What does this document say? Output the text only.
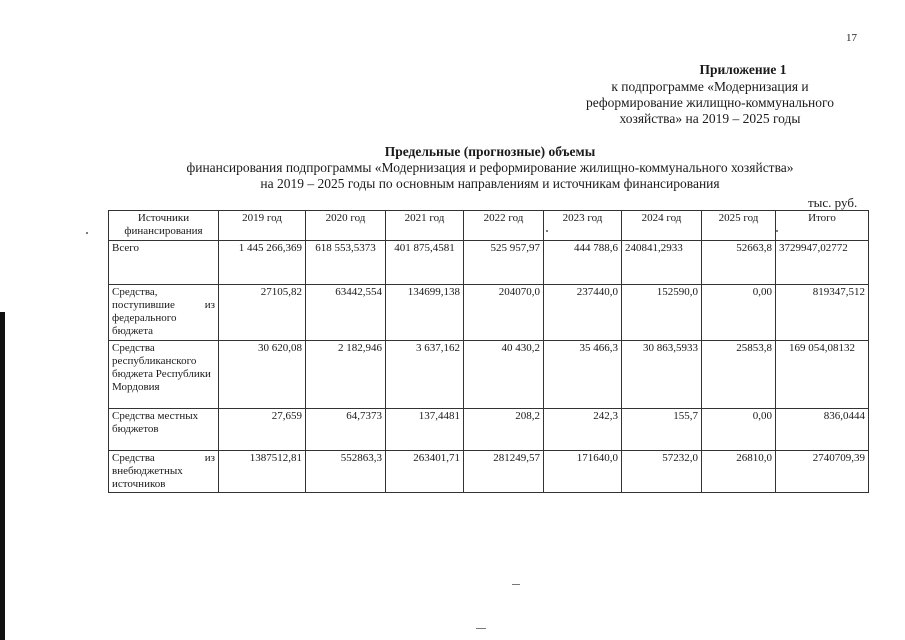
17
Приложение 1
к подпрограмме «Модернизация и
реформирование жилищно-коммунального
хозяйства» на 2019 – 2025 годы
Предельные (прогнозные) объемы
финансирования подпрограммы «Модернизация и реформирование жилищно-коммунального хозяйства»
на 2019 – 2025 годы по основным направлениям и источникам финансирования
тыс. руб.
Источники финансирования	2019 год	2020 год	2021 год	2022 год	2023 год	2024 год	2025 год	Итого
Всего	1 445 266,369	618 553,5373	401 875,4581	525 957,97	444 788,6	240841,2933	52663,8	3729947,02772
Средства, поступившие из федерального бюджета	27105,82	63442,554	134699,138	204070,0	237440,0	152590,0	0,00	819347,512
Средства республиканского бюджета Республики Мордовия	30 620,08	2 182,946	3 637,162	40 430,2	35 466,3	30 863,5933	25853,8	169 054,08132
Средства местных бюджетов	27,659	64,7373	137,4481	208,2	242,3	155,7	0,00	836,0444
Средства из внебюджетных источников	1387512,81	552863,3	263401,71	281249,57	171640,0	57232,0	26810,0	2740709,39
